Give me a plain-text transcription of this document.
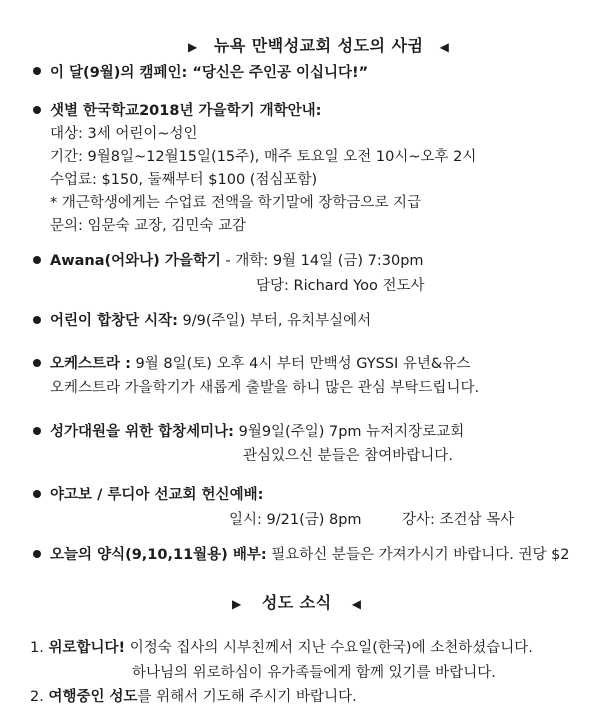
▶ 뉴욕 만백성교회 성도의 사귐 ◀
이 달(9월)의 캠페인: “당신은 주인공 이십니다!”
샛별 한국학교2018년 가을학기 개학안내:
대상: 3세 어린이~성인
기간: 9월8일~12월15일(15주), 매주 토요일 오전 10시~오후 2시
수업료: $150, 둘째부터 $100 (점심포함)
* 개근학생에게는 수업료 전액을 학기말에 장학금으로 지급
문의: 임문숙 교장, 김민숙 교감
Awana(어와나) 가을학기 - 개학: 9월 14일 (금) 7:30pm
담당: Richard Yoo 전도사
어린이 합창단 시작: 9/9(주일) 부터, 유치부실에서
오케스트라 : 9월 8일(토) 오후 4시 부터 만백성 GYSSI 유년&유스
오케스트라 가을학기가 새롭게 출발을 하니 많은 관심 부탁드립니다.
성가대원을 위한 합창세미나: 9월9일(주일) 7pm 뉴저지장로교회
관심있으신 분들은 참여바랍니다.
야고보 / 루디아 선교회 헌신예배:
일시: 9/21(금) 8pm	강사: 조건삼 목사
오늘의 양식(9,10,11월용) 배부: 필요하신 분들은 가져가시기 바랍니다. 권당 $2
▶ 성도 소식 ◀
1. 위로합니다! 이정숙 집사의 시부친께서 지난 수요일(한국)에 소천하셨습니다.
하나님의 위로하심이 유가족들에게 함께 있기를 바랍니다.
2. 여행중인 성도를 위해서 기도해 주시기 바랍니다.
